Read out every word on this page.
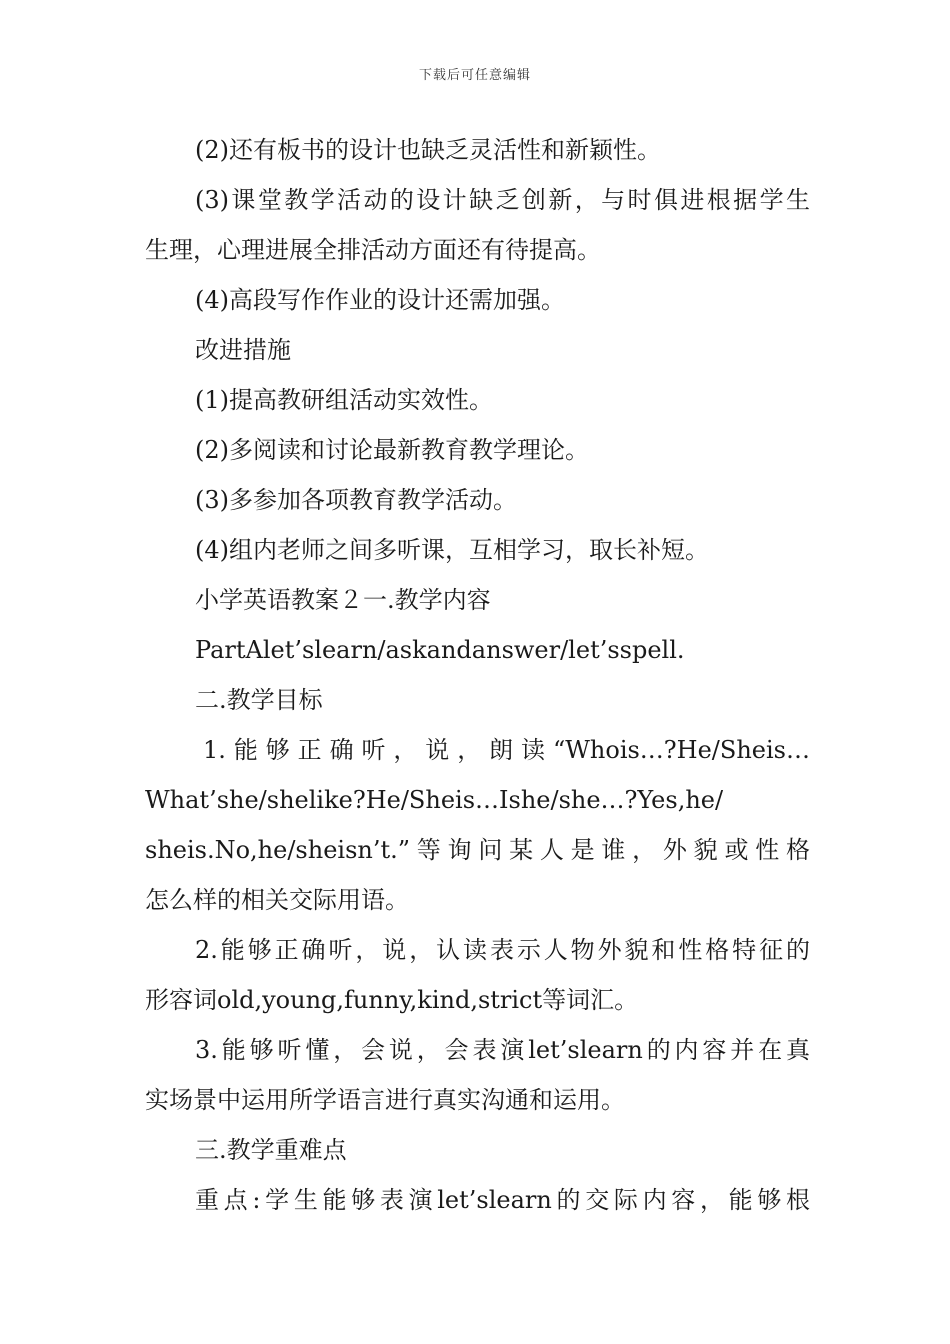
下载后可任意编辑
(2)还有板书的设计也缺乏灵活性和新颖性。
(3)课堂教学活动的设计缺乏创新，与时俱进根据学生
生理，心理进展全排活动方面还有待提高。
(4)高段写作作业的设计还需加强。
改进措施
(1)提高教研组活动实效性。
(2)多阅读和讨论最新教育教学理论。
(3)多参加各项教育教学活动。
(4)组内老师之间多听课，互相学习，取长补短。
小学英语教案２一.教学内容
PartAlet’slearn/askandanswer/let’sspell.
二.教学目标
1.能够正确听，说，朗读“Whois…?He/Sheis…
What’she/shelike?He/Sheis…Ishe/she…?Yes,he/
sheis.No,he/sheisn’t.”等询问某人是谁，外貌或性格
怎么样的相关交际用语。
2.能够正确听，说，认读表示人物外貌和性格特征的
形容词old,young,funny,kind,strict等词汇。
3.能够听懂，会说，会表演let’slearn的内容并在真
实场景中运用所学语言进行真实沟通和运用。
三.教学重难点
重点:学生能够表演let’slearn的交际内容，能够根
